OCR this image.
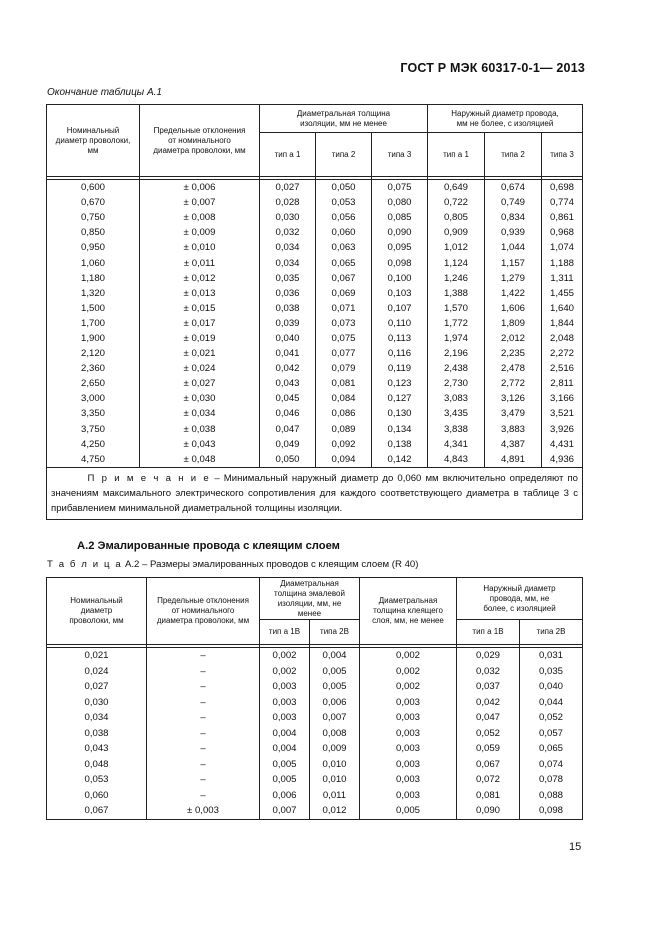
ГОСТ Р МЭК 60317-0-1— 2013
Окончание таблицы А.1
Номинальный диаметр проволоки, мм	Предельные отклонения от номинального диаметра проволоки, мм	Диаметральная толщина изоляции, мм не менее			Наружный диаметр провода, мм не более, с изоляцией		
		тип а 1	типа 2	типа 3	тип а 1	типа 2	типа 3

0,600	± 0,006	0,027	0,050	0,075	0,649	0,674	0,698
0,670	± 0,007	0,028	0,053	0,080	0,722	0,749	0,774
0,750	± 0,008	0,030	0,056	0,085	0,805	0,834	0,861
0,850	± 0,009	0,032	0,060	0,090	0,909	0,939	0,968
0,950	± 0,010	0,034	0,063	0,095	1,012	1,044	1,074
1,060	± 0,011	0,034	0,065	0,098	1,124	1,157	1,188
1,180	± 0,012	0,035	0,067	0,100	1,246	1,279	1,311
1,320	± 0,013	0,036	0,069	0,103	1,388	1,422	1,455
1,500	± 0,015	0,038	0,071	0,107	1,570	1,606	1,640
1,700	± 0,017	0,039	0,073	0,110	1,772	1,809	1,844
1,900	± 0,019	0,040	0,075	0,113	1,974	2,012	2,048
2,120	± 0,021	0,041	0,077	0,116	2,196	2,235	2,272
2,360	± 0,024	0,042	0,079	0,119	2,438	2,478	2,516
2,650	± 0,027	0,043	0,081	0,123	2,730	2,772	2,811
3,000	± 0,030	0,045	0,084	0,127	3,083	3,126	3,166
3,350	± 0,034	0,046	0,086	0,130	3,435	3,479	3,521
3,750	± 0,038	0,047	0,089	0,134	3,838	3,883	3,926
4,250	± 0,043	0,049	0,092	0,138	4,341	4,387	4,431
4,750	± 0,048	0,050	0,094	0,142	4,843	4,891	4,936
П р и м е ч а н и е – Минимальный наружный диаметр до 0,060 мм включительно определяют по значениям максимального электрического сопротивления для каждого соответствующего диаметра в таблице 3 с прибавлением минимальной диаметральной толщины изоляции.							
А.2 Эмалированные провода с клеящим слоем
Т а б л и ц а А.2 – Размеры эмалированных проводов с клеящим слоем (R 40)
Номинальный диаметр проволоки, мм	Предельные отклонения от номинального диаметра проволоки, мм	Диаметральная толщина эмалевой изоляции, мм, не менее		Диаметральная толщина клеящего слоя, мм, не менее	Наружный диаметр провода, мм, не более, с изоляцией	
		тип а 1В	типа 2В		тип а 1В	типа 2В

0,021	–	0,002	0,004	0,002	0,029	0,031
0,024	–	0,002	0,005	0,002	0,032	0,035
0,027	–	0,003	0,005	0,002	0,037	0,040
0,030	–	0,003	0,006	0,003	0,042	0,044
0,034	–	0,003	0,007	0,003	0,047	0,052
0,038	–	0,004	0,008	0,003	0,052	0,057
0,043	–	0,004	0,009	0,003	0,059	0,065
0,048	–	0,005	0,010	0,003	0,067	0,074
0,053	–	0,005	0,010	0,003	0,072	0,078
0,060	–	0,006	0,011	0,003	0,081	0,088
0,067	± 0,003	0,007	0,012	0,005	0,090	0,098
15
